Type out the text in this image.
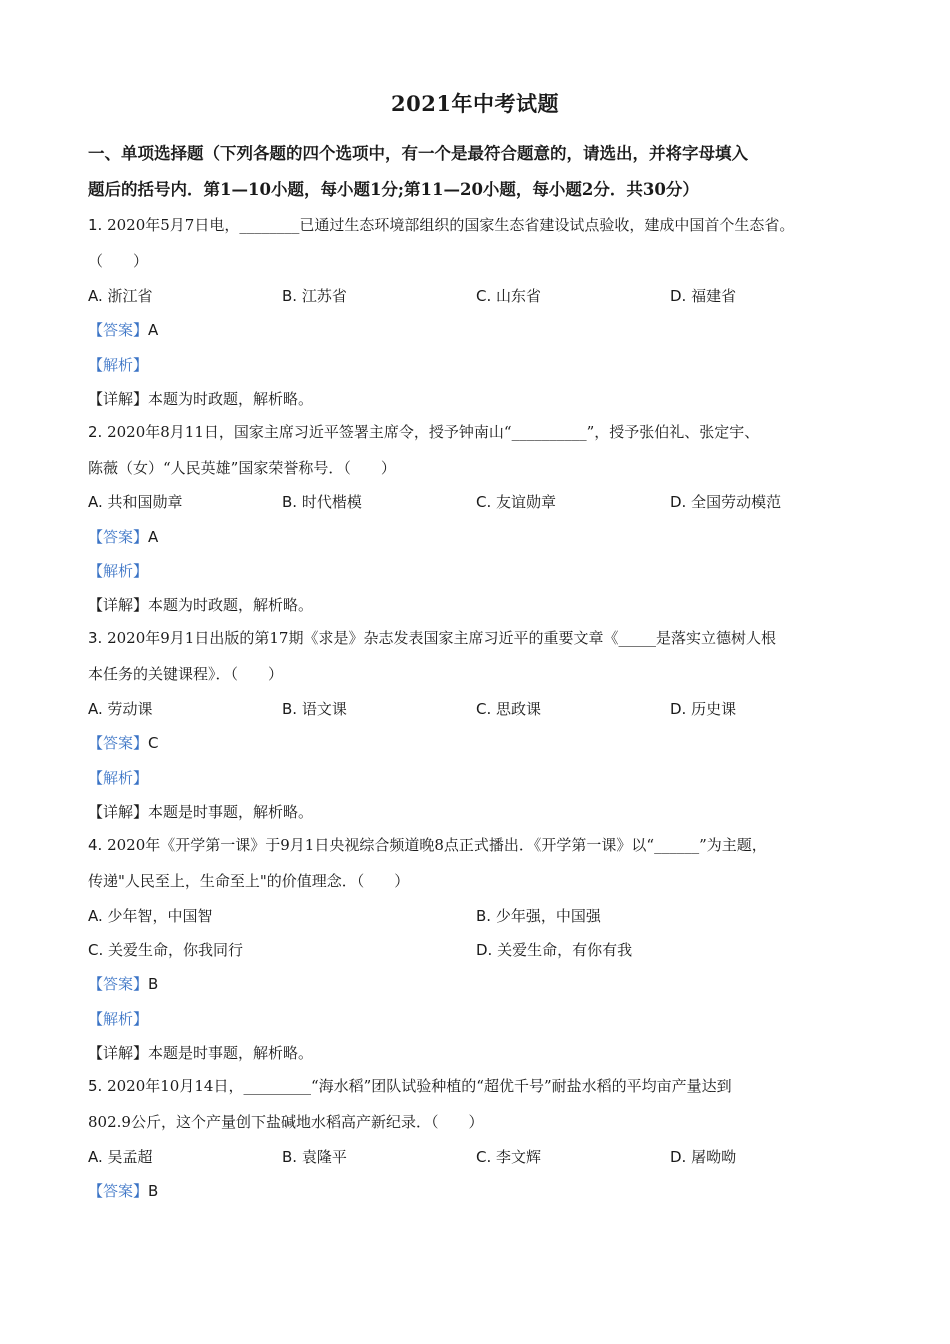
2021年中考试题
一、单项选择题（下列各题的四个选项中，有一个是最符合题意的，请选出，并将字母填入
题后的括号内．第1—10小题，每小题1分;第11—20小题，每小题2分．共30分）
1. 2020年5月7日电，________已通过生态环境部组织的国家生态省建设试点验收，建成中国首个生态省。
（　　）
A. 浙江省	B. 江苏省	C. 山东省	D. 福建省
【答案】A
【解析】
【详解】本题为时政题，解析略。
2. 2020年8月11日，国家主席习近平签署主席令，授予钟南山“__________”，授予张伯礼、张定宇、
陈薇（女）“人民英雄”国家荣誉称号．（　　）
A. 共和国勋章	B. 时代楷模	C. 友谊勋章	D. 全国劳动模范
【答案】A
【解析】
【详解】本题为时政题，解析略。
3. 2020年9月1日出版的第17期《求是》杂志发表国家主席习近平的重要文章《_____是落实立德树人根
本任务的关键课程》．（　　）
A. 劳动课	B. 语文课	C. 思政课	D. 历史课
【答案】C
【解析】
【详解】本题是时事题，解析略。
4. 2020年《开学第一课》于9月1日央视综合频道晚8点正式播出．《开学第一课》以“______”为主题，
传递"人民至上，生命至上"的价值理念．（　　）
A. 少年智，中国智	B. 少年强，中国强
C. 关爱生命，你我同行	D. 关爱生命，有你有我
【答案】B
【解析】
【详解】本题是时事题，解析略。
5. 2020年10月14日，_________“海水稻”团队试验种植的“超优千号”耐盐水稻的平均亩产量达到
802.9公斤，这个产量创下盐碱地水稻高产新纪录．（　　）
A. 吴孟超	B. 袁隆平	C. 李文辉	D. 屠呦呦
【答案】B
